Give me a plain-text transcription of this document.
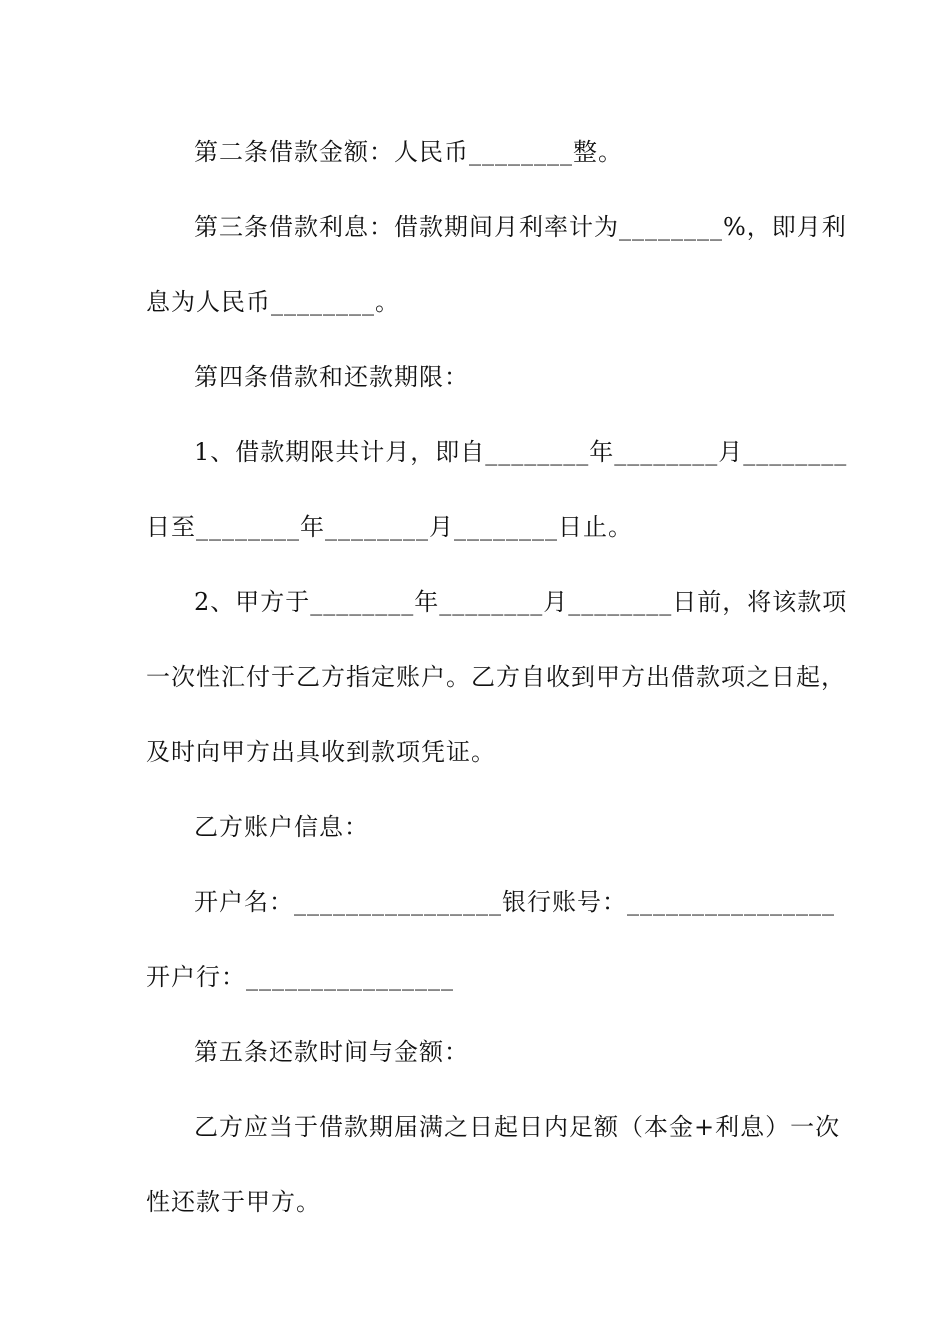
第二条借款金额：人民币________整。

第三条借款利息：借款期间月利率计为________%，即月利

息为人民币________。

第四条借款和还款期限：

1、借款期限共计月，即自________年________月________

日至________年________月________日止。

2、甲方于________年________月________日前，将该款项

一次性汇付于乙方指定账户。乙方自收到甲方出借款项之日起，

及时向甲方出具收到款项凭证。

乙方账户信息：

开户名：________________银行账号：________________

开户行：________________

第五条还款时间与金额：

乙方应当于借款期届满之日起日内足额（本金+利息）一次

性还款于甲方。
